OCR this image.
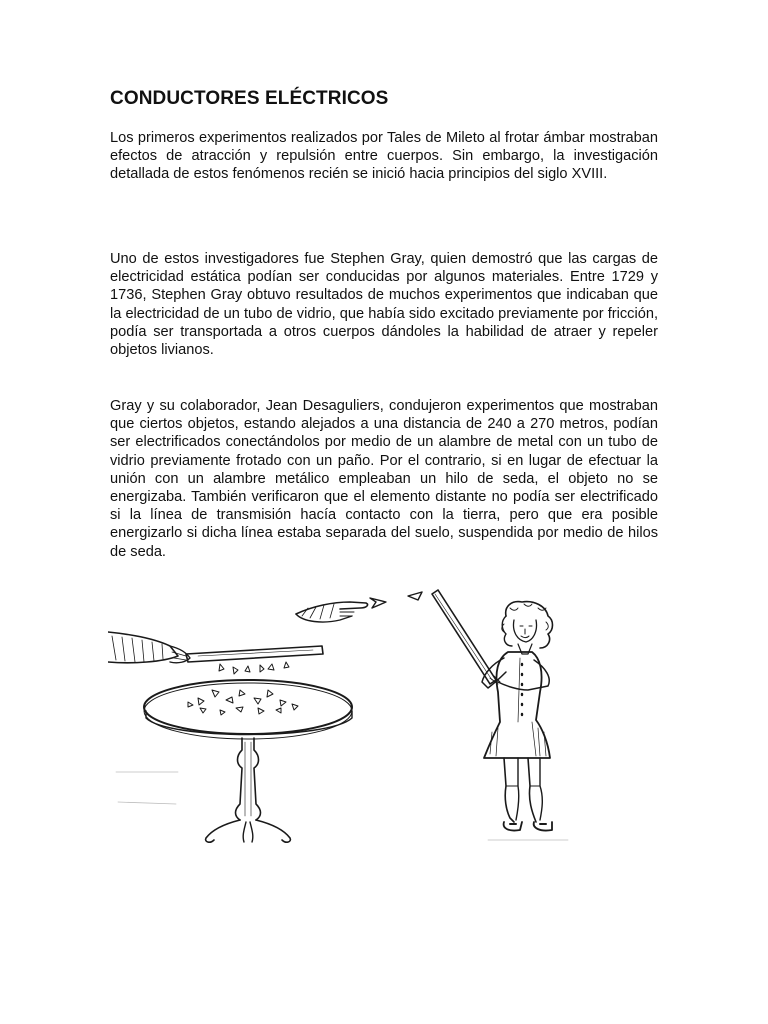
CONDUCTORES ELÉCTRICOS

Los primeros experimentos realizados por Tales de Mileto al frotar ámbar mostraban efectos de atracción y repulsión entre cuerpos. Sin embargo, la investigación detallada de estos fenómenos recién se inició hacia principios del siglo XVIII.

Uno de estos investigadores fue Stephen Gray, quien demostró que las cargas de electricidad estática podían ser conducidas por algunos materiales. Entre 1729 y 1736, Stephen Gray obtuvo resultados de muchos experimentos que indicaban que la electricidad de un tubo de vidrio, que había sido excitado previamente por fricción, podía ser transportada a otros cuerpos dándoles la habilidad de atraer y repeler objetos livianos.

Gray y su colaborador, Jean Desaguliers, condujeron experimentos que mostraban que ciertos objetos, estando alejados a una distancia de 240 a 270 metros, podían ser electrificados conectándolos por medio de un alambre de metal con un tubo de vidrio previamente frotado con un paño. Por el contrario, si en lugar de efectuar la unión con un alambre metálico empleaban un hilo de seda, el objeto no se energizaba. También verificaron que el elemento distante no podía ser electrificado si la línea de transmisión hacía contacto con la tierra, pero que era posible energizarlo si dicha línea estaba separada del suelo, suspendida por medio de hilos de seda.
